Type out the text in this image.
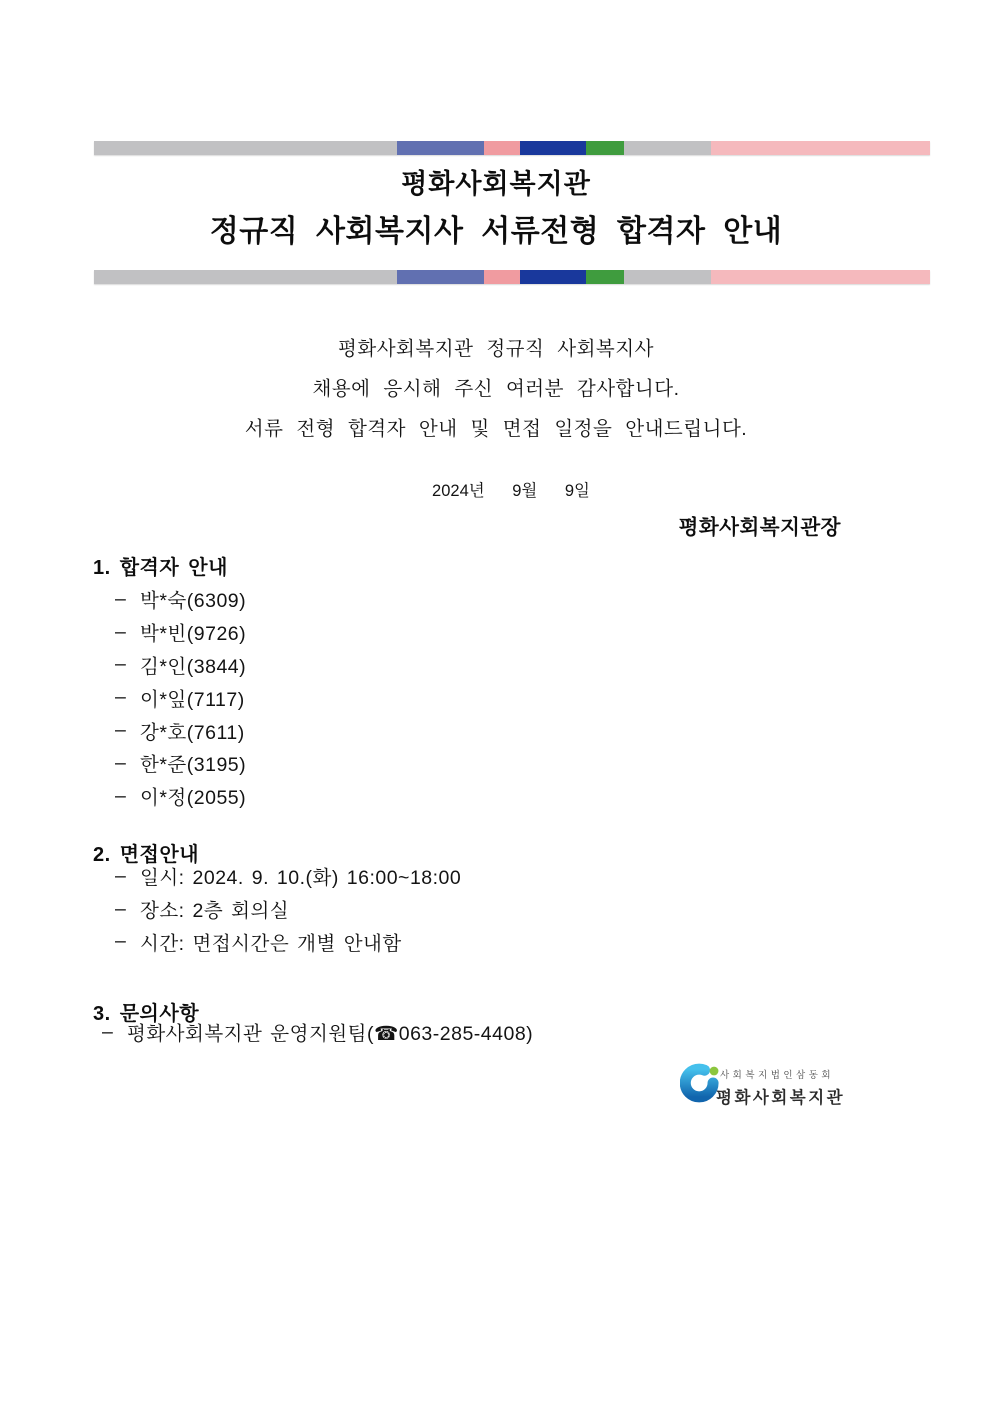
평화사회복지관
정규직 사회복지사 서류전형 합격자 안내
평화사회복지관 정규직 사회복지사
채용에 응시해 주신 여러분 감사합니다.
서류 전형 합격자 안내 및 면접 일정을 안내드립니다.
2024년      9월      9일
평화사회복지관장
1. 합격자 안내
– 박*숙(6309)
– 박*빈(9726)
– 김*인(3844)
– 이*잎(7117)
– 강*호(7611)
– 한*준(3195)
– 이*정(2055)
2. 면접안내
– 일시: 2024. 9. 10.(화) 16:00~18:00
– 장소: 2층 회의실
– 시간: 면접시간은 개별 안내함
3. 문의사항
– 평화사회복지관 운영지원팀(☎063-285-4408)
사회복지법인삼동회
평화사회복지관
